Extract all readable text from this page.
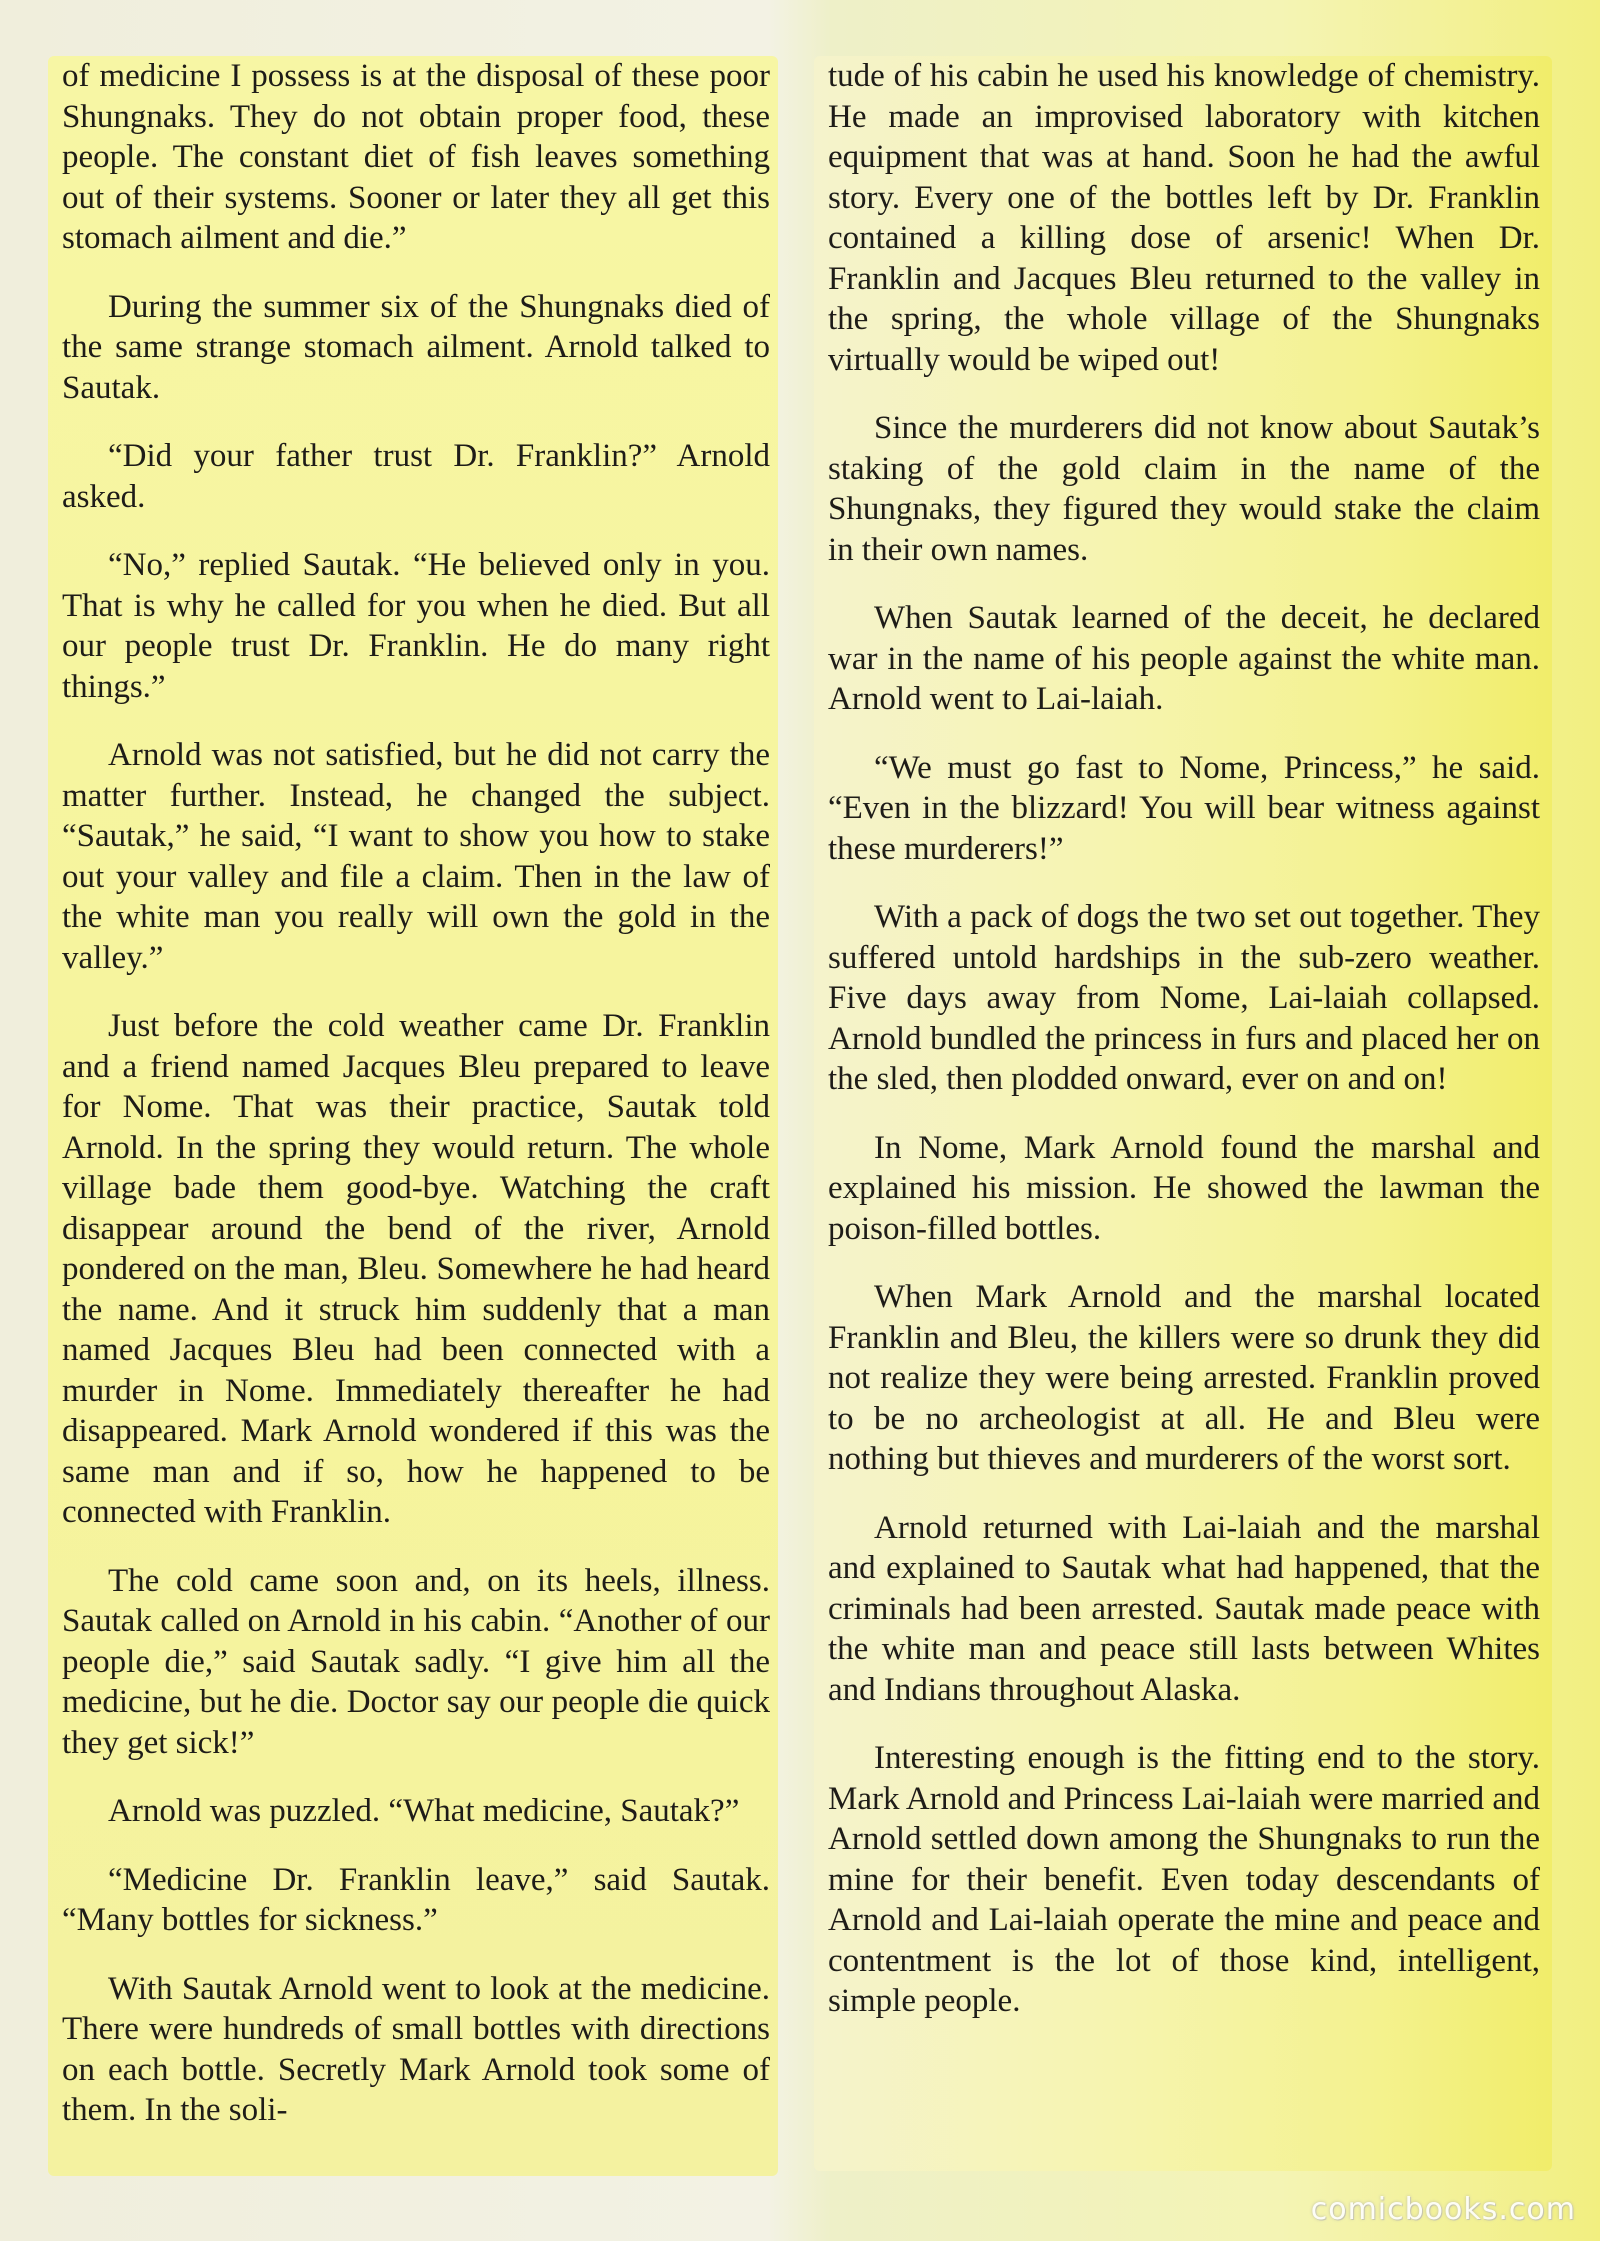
of medicine I possess is at the disposal of these poor Shungnaks. They do not obtain proper food, these people. The constant diet of fish leaves something out of their systems. Sooner or later they all get this stomach ailment and die.”

During the summer six of the Shungnaks died of the same strange stomach ailment. Arnold talked to Sautak.

“Did your father trust Dr. Franklin?” Arnold asked.

“No,” replied Sautak. “He believed only in you. That is why he called for you when he died. But all our people trust Dr. Franklin. He do many right things.”

Arnold was not satisfied, but he did not carry the matter further. Instead, he changed the subject. “Sautak,” he said, “I want to show you how to stake out your valley and file a claim. Then in the law of the white man you really will own the gold in the valley.”

Just before the cold weather came Dr. Franklin and a friend named Jacques Bleu prepared to leave for Nome. That was their practice, Sautak told Arnold. In the spring they would return. The whole village bade them good-bye. Watching the craft disappear around the bend of the river, Arnold pondered on the man, Bleu. Somewhere he had heard the name. And it struck him suddenly that a man named Jacques Bleu had been connected with a murder in Nome. Immediately thereafter he had disappeared. Mark Arnold wondered if this was the same man and if so, how he happened to be connected with Franklin.

The cold came soon and, on its heels, illness. Sautak called on Arnold in his cabin. “Another of our people die,” said Sautak sadly. “I give him all the medicine, but he die. Doctor say our people die quick they get sick!”

Arnold was puzzled. “What medicine, Sautak?”

“Medicine Dr. Franklin leave,” said Sautak. “Many bottles for sickness.”

With Sautak Arnold went to look at the medicine. There were hundreds of small bottles with directions on each bottle. Secretly Mark Arnold took some of them. In the soli-

tude of his cabin he used his knowledge of chemistry. He made an improvised laboratory with kitchen equipment that was at hand. Soon he had the awful story. Every one of the bottles left by Dr. Franklin contained a killing dose of arsenic! When Dr. Franklin and Jacques Bleu returned to the valley in the spring, the whole village of the Shungnaks virtually would be wiped out!

Since the murderers did not know about Sautak’s staking of the gold claim in the name of the Shungnaks, they figured they would stake the claim in their own names.

When Sautak learned of the deceit, he declared war in the name of his people against the white man. Arnold went to Lai-laiah.

“We must go fast to Nome, Princess,” he said. “Even in the blizzard! You will bear witness against these murderers!”

With a pack of dogs the two set out together. They suffered untold hardships in the sub-zero weather. Five days away from Nome, Lai-laiah collapsed. Arnold bundled the princess in furs and placed her on the sled, then plodded onward, ever on and on!

In Nome, Mark Arnold found the marshal and explained his mission. He showed the lawman the poison-filled bottles.

When Mark Arnold and the marshal located Franklin and Bleu, the killers were so drunk they did not realize they were being arrested. Franklin proved to be no archeologist at all. He and Bleu were nothing but thieves and murderers of the worst sort.

Arnold returned with Lai-laiah and the marshal and explained to Sautak what had happened, that the criminals had been arrested. Sautak made peace with the white man and peace still lasts between Whites and Indians throughout Alaska.

Interesting enough is the fitting end to the story. Mark Arnold and Princess Lai-laiah were married and Arnold settled down among the Shungnaks to run the mine for their benefit. Even today descendants of Arnold and Lai-laiah operate the mine and peace and contentment is the lot of those kind, intelligent, simple people.

comicbooks.com
